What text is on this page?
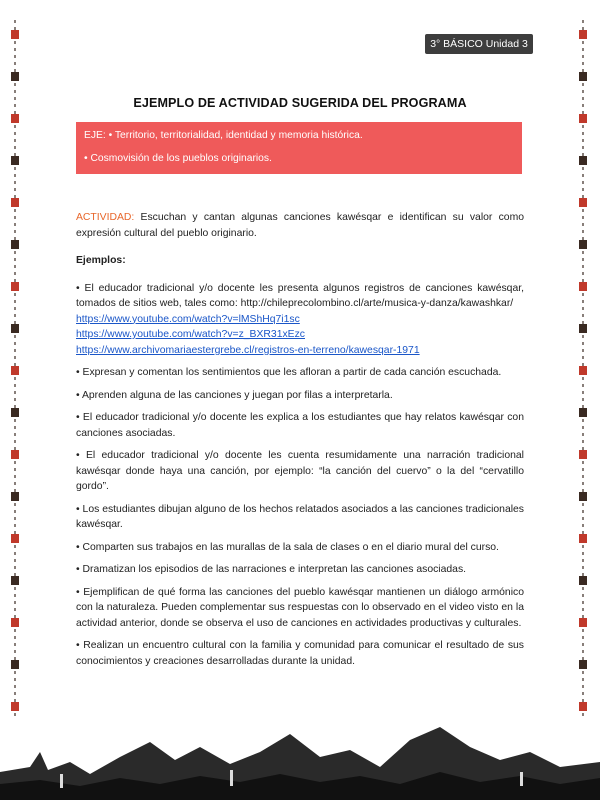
3° BÁSICO Unidad 3
EJEMPLO DE ACTIVIDAD SUGERIDA DEL PROGRAMA
EJE: • Territorio, territorialidad, identidad y memoria histórica.
• Cosmovisión de los pueblos originarios.

ACTIVIDAD: Escuchan y cantan algunas canciones kawésqar e identifican su valor como expresión cultural del pueblo originario.

Ejemplos:

• El educador tradicional y/o docente les presenta algunos registros de canciones kawésqar, tomados de sitios web, tales como: http://chileprecolombino.cl/arte/musica-y-danza/kawashkar/
https://www.youtube.com/watch?v=lMShHq7i1sc
https://www.youtube.com/watch?v=z_BXR31xEzc
https://www.archivomariaestergrebe.cl/registros-en-terreno/kawesqar-1971

• Expresan y comentan los sentimientos que les afloran a partir de cada canción escuchada.

• Aprenden alguna de las canciones y juegan por filas a interpretarla.

• El educador tradicional y/o docente les explica a los estudiantes que hay relatos kawésqar con canciones asociadas.

• El educador tradicional y/o docente les cuenta resumidamente una narración tradicional kawésqar donde haya una canción, por ejemplo: “la canción del cuervo” o la del “cervatillo gordo”.

• Los estudiantes dibujan alguno de los hechos relatados asociados a las canciones tradicionales kawésqar.

• Comparten sus trabajos en las murallas de la sala de clases o en el diario mural del curso.

• Dramatizan los episodios de las narraciones e interpretan las canciones asociadas.

• Ejemplifican de qué forma las canciones del pueblo kawésqar mantienen un diálogo armónico con la naturaleza. Pueden complementar sus respuestas con lo observado en el video visto en la actividad anterior, donde se observa el uso de canciones en actividades productivas y culturales.

• Realizan un encuentro cultural con la familia y comunidad para comunicar el resultado de sus conocimientos y creaciones desarrolladas durante la unidad.
